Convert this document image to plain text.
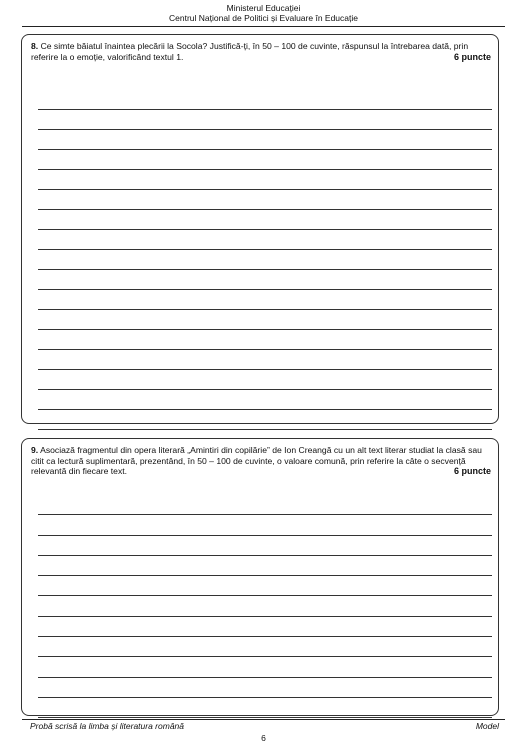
Ministerul Educației
Centrul Național de Politici și Evaluare în Educație
8. Ce simte băiatul înaintea plecării la Socola? Justifică-ți, în 50 – 100 de cuvinte, răspunsul la întrebarea dată, prin referire la o emoție, valorificând textul 1.	6 puncte
9. Asociază fragmentul din opera literară „Amintiri din copilărie” de Ion Creangă cu un alt text literar studiat la clasă sau citit ca lectură suplimentară, prezentând, în 50 – 100 de cuvinte, o valoare comună, prin referire la câte o secvență relevantă din fiecare text.	6 puncte
Probă scrisă la limba și literatura română	Model
6
